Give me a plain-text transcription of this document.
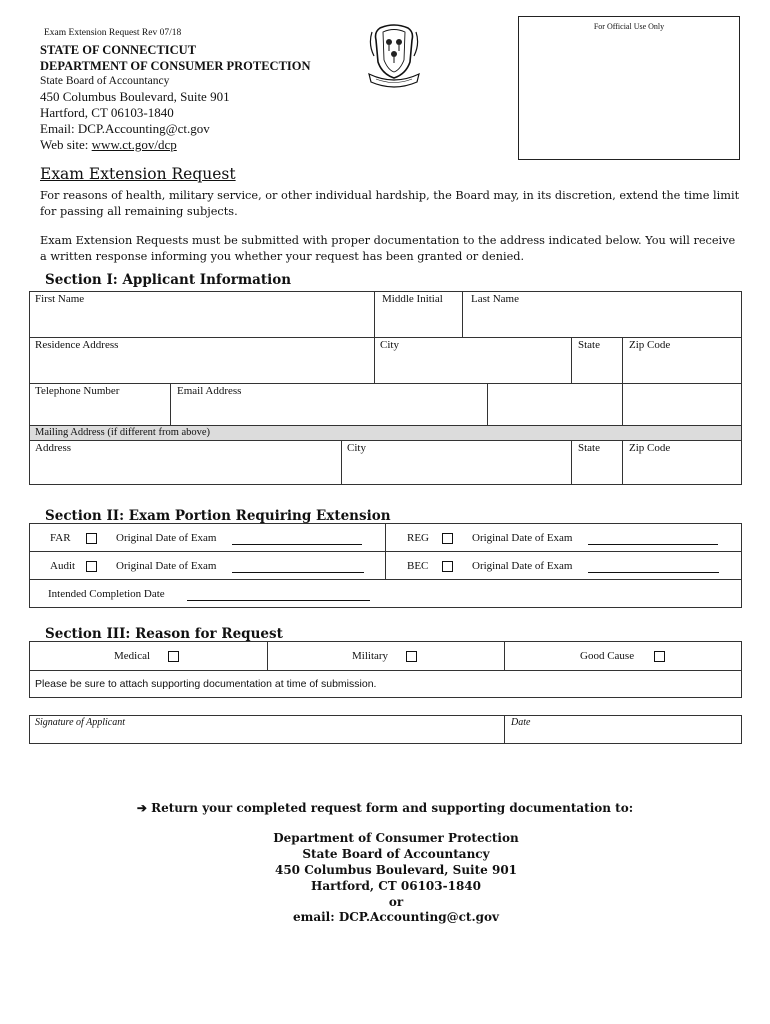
Exam Extension Request Rev 07/18
STATE OF CONNECTICUT
DEPARTMENT OF CONSUMER PROTECTION
State Board of Accountancy
450 Columbus Boulevard, Suite 901
Hartford, CT 06103-1840
Email: DCP.Accounting@ct.gov
Web site: www.ct.gov/dcp
For Official Use Only
Exam Extension Request
For reasons of health, military service, or other individual hardship, the Board may, in its discretion, extend the time limit for passing all remaining subjects.
Exam Extension Requests must be submitted with proper documentation to the address indicated below. You will receive a written response informing you whether your request has been granted or denied.
Section I: Applicant Information
First Name	Middle Initial	Last Name
Residence Address	City	State	Zip Code
Telephone Number	Email Address
Mailing Address (if different from above)
Address	City	State	Zip Code
Section II: Exam Portion Requiring Extension
FAR	Original Date of Exam	REG	Original Date of Exam
Audit	Original Date of Exam	BEC	Original Date of Exam
Intended Completion Date
Section III: Reason for Request
Medical	Military	Good Cause
Please be sure to attach supporting documentation at time of submission.
Signature of Applicant	Date
➔ Return your completed request form and supporting documentation to:
Department of Consumer Protection
State Board of Accountancy
450 Columbus Boulevard, Suite 901
Hartford, CT 06103-1840
or
email: DCP.Accounting@ct.gov
